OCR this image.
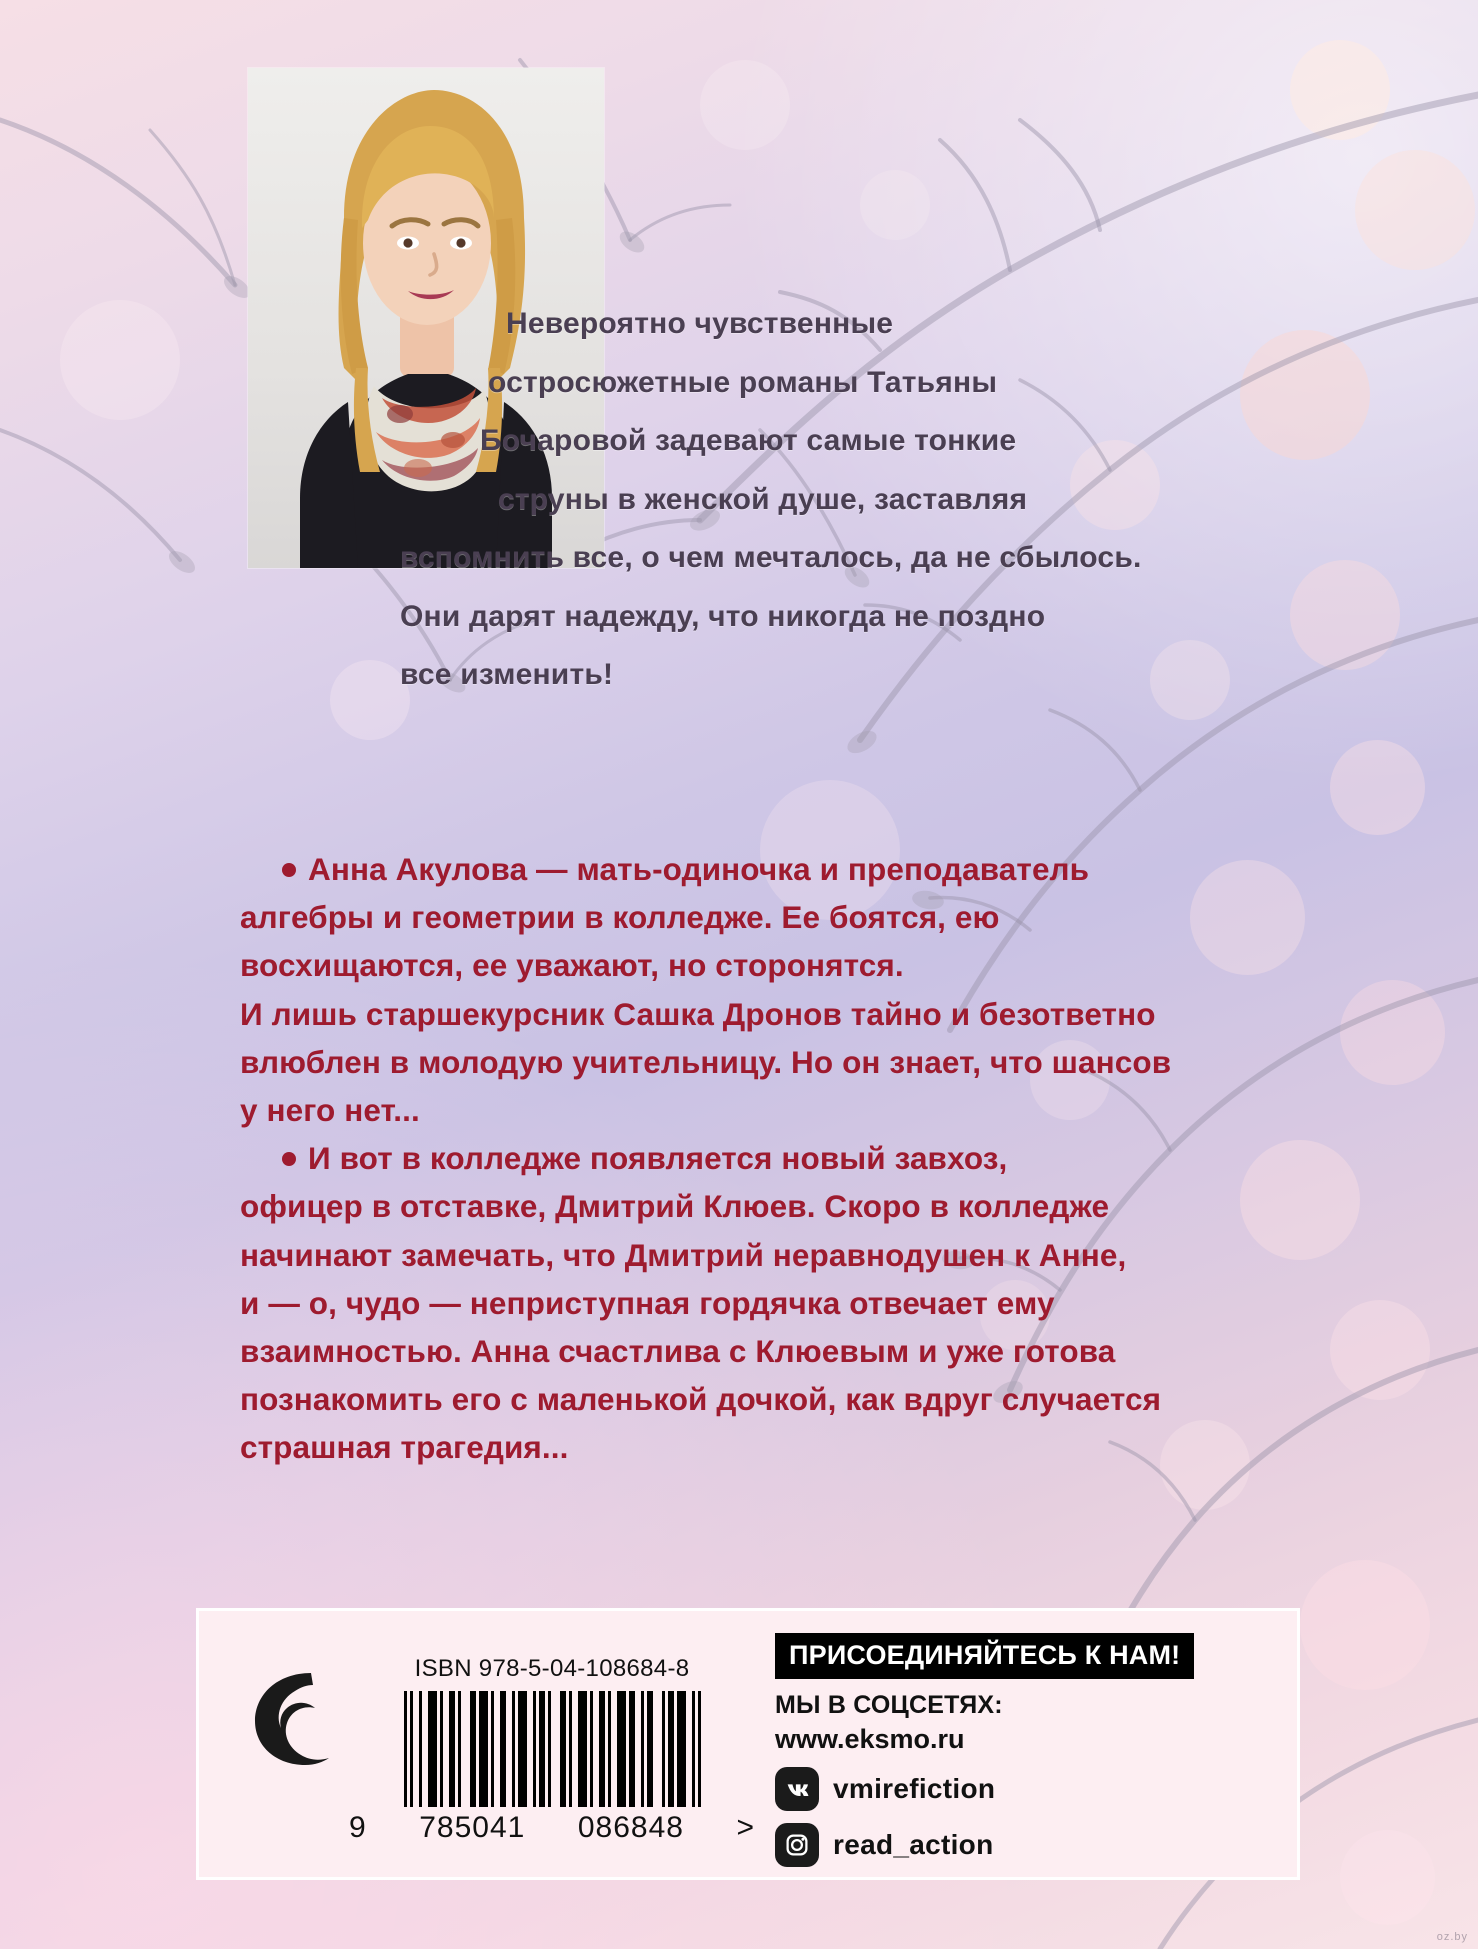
Невероятно чувственные

остросюжетные романы Татьяны

Бочаровой задевают самые тонкие

струны в женской душе, заставляя

вспомнить все, о чем мечталось, да не сбылось.

Они дарят надежду, что никогда не поздно

все изменить!

Анна Акулова — мать-одиночка и преподаватель

алгебры и геометрии в колледже. Ее боятся, ею

восхищаются, ее уважают, но сторонятся.

И лишь старшекурсник Сашка Дронов тайно и безответно

влюблен в молодую учительницу. Но он знает, что шансов

у него нет...

И вот в колледже появляется новый завхоз,

офицер в отставке, Дмитрий Клюев. Скоро в колледже

начинают замечать, что Дмитрий неравнодушен к Анне,

и — о, чудо — неприступная гордячка отвечает ему

взаимностью. Анна счастлива с Клюевым и уже готова

познакомить его с маленькой дочкой, как вдруг случается

страшная трагедия...

ISBN 978-5-04-108684-8
9 785041 086848 >
ПРИСОЕДИНЯЙТЕСЬ К НАМ!
МЫ В СОЦСЕТЯХ:
www.eksmo.ru
vmirefiction
read_action
oz.by
